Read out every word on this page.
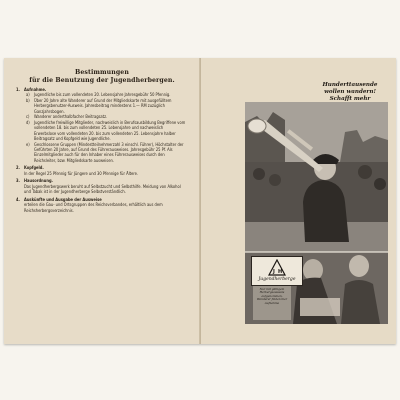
Bestimmungen
für die Benutzung der Jugendherbergen.
1. Aufnahme.
a) Jugendliche bis zum vollendeten 20. Lebensjahre Jahresgebühr 50 Pfennig.
b) Über 20 Jahre alte Wanderer auf Grund der Mitgliedskarte mit ausgefülltem Herbergsbenutzer-Ausweis. Jahresbeitrag mindestens 1.— RM zuzüglich Ganzjahrsbogen.
c) Wanderer anderthalbfacher Beitragsatz.
d) Jugendliche freiwillige Mitglieder, nachweislich in Berufsausbildung Begriffene vom vollendeten 18. bis zum vollendeten 25. Lebensjahre und nachweislich Erwerbslose vom vollendeten 20. bis zum vollendeten 25. Lebensjahre halber Beitragsatz und Kopfgeld wie Jugendliche.
e) Geschlossene Gruppen (Mindestteilnehmerzahl 3 einschl. Führer), Höchstalter der Geführten 20 Jahre, auf Grund des Führerausweises. Jahresgebühr 25 Pf. Als Einzelmitglieder auch für den Inhaber eines Führerausweises durch den Reichsleiter, bzw. Mitgliedskarte ausweisen.
2. Kopfgeld.
In der Regel 25 Pfennig für Jüngere und 30 Pfennige für Ältere.
3. Hausordnung.
Das Jugendherbergswerk beruht auf Selbstzucht und Selbsthilfe. Meidung von Alkohol und Tabak ist in der Jugendherberge Selbstverständlich.
4. Auskünfte und Ausgabe der Ausweise
erteilen die Gau- und Ortsgruppen des Reichsverbandes, erhältlich aus dem Reichsherbergsverzeichnis.
Hunderttausende
wollen wandern!
Schafft mehr
J H
Jugendherberge
Nur mit gültigem Herbergsausweis aufgenommen, Wanderer finden hier Aufnahme
